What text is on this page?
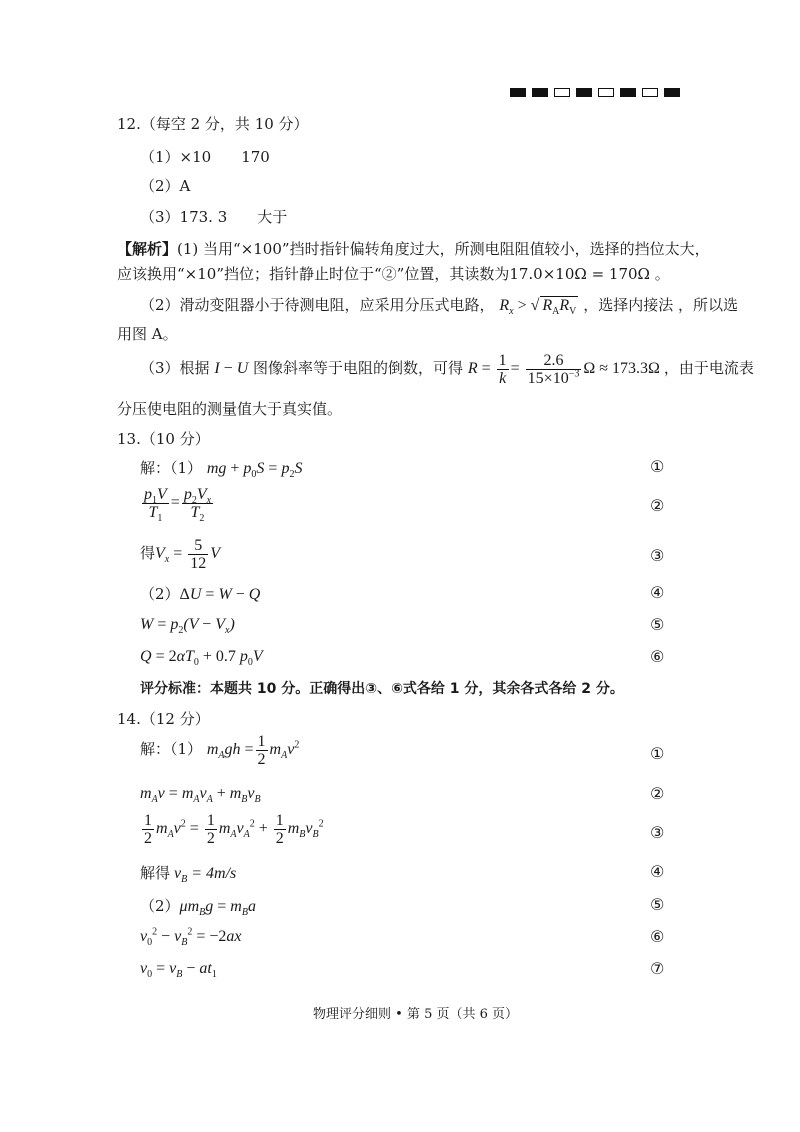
12.（每空 2 分，共 10 分）
（1）×10　　170
（2）A
（3）173. 3　　大于
【解析】(1) 当用“×100”挡时指针偏转角度过大，所测电阻阻值较小，选择的挡位太大，
应该换用“×10”挡位；指针静止时位于“②”位置，其读数为17.0×10Ω = 170Ω 。
（2）滑动变阻器小于待测电阻，应采用分压式电路， $R_x$ > √ $R_AR_V$ ，选择内接法 ，所以选
用图 A。
（3）根据 I − U 图像斜率等于电阻的倒数，可得 $R = \frac{1}{k} = \frac{2.6}{15\times 10^{-3}}$ Ω ≈ 173.3Ω ，由于电流表
分压使电阻的测量值大于真实值。
13.（10 分）
解：（1） mg + $p_0S = p_2S$	①
$\frac{p_1V}{T_1} = \frac{p_2V_x}{T_2}$	②
得$V_x = \frac{5}{12}$ V	③
（2）ΔU = W − Q	④
$W = p_2(V - V_x)$	⑤
$Q = 2\alpha T_0 + 0.7$ $p_0V$	⑥
评分标准：本题共 10 分。正确得出③、⑥式各给 1 分，其余各式各给 2 分。
14.（12 分）
解：（1） $m_Agh = \frac{1}{2} m_Av^2$	①
$m_Av = m_Av_A + m_Bv_B$	②
$\frac{1}{2} m_Av^2 = \frac{1}{2} m_Av_A^2 + \frac{1}{2} m_Bv_B^2$	③
解得 $v_B = 4m/s$	④
$(2)\mu m_Bg = m_Ba$	⑤
$v_0^2 - v_B^2 = -2ax$	⑥
$v_0 = v_B - at_1$	⑦
物理评分细则 • 第 5 页（共 6 页）
